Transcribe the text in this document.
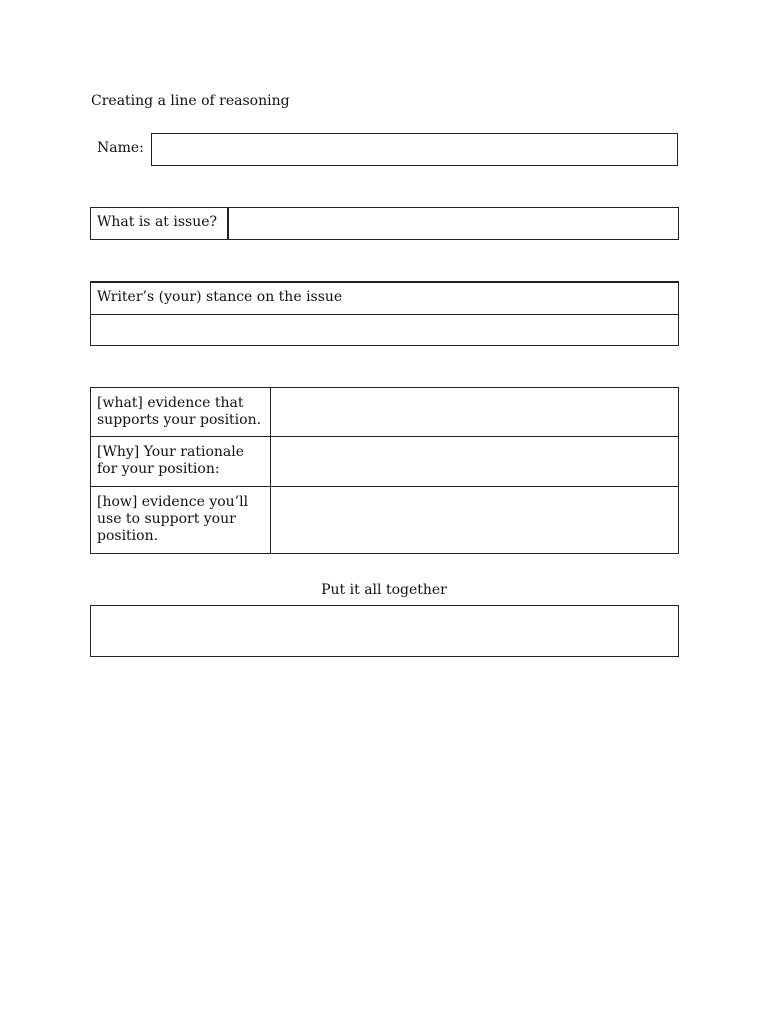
Creating a line of reasoning
Name:
What is at issue?
Writer’s (your) stance on the issue
[what] evidence that supports your position.
[Why] Your rationale for your position:
[how] evidence you’ll use to support your position.
Put it all together
